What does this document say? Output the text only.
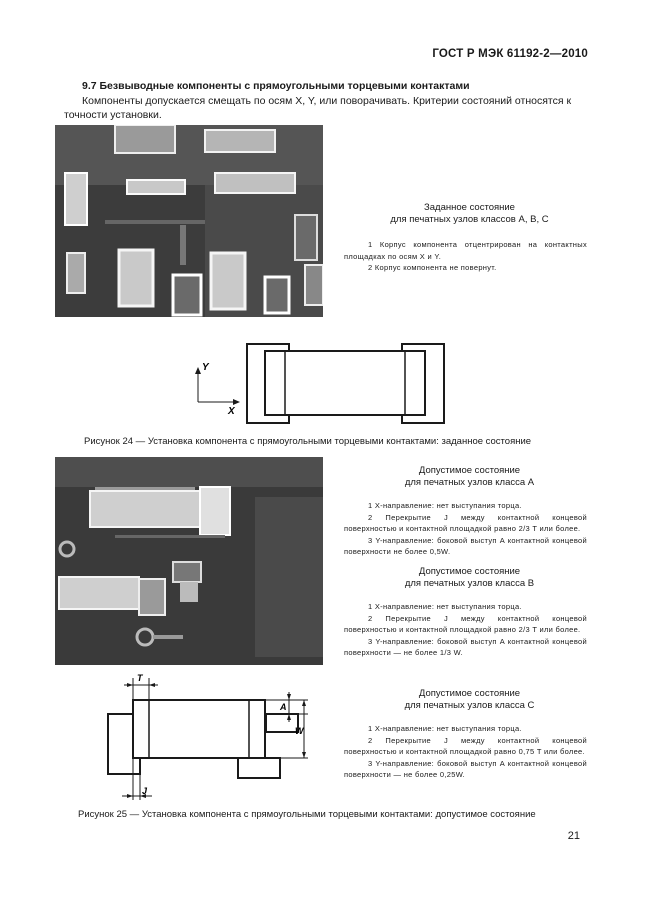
ГОСТ Р МЭК 61192-2—2010
9.7 Безвыводные компоненты с прямоугольными торцевыми контактами
Компоненты допускается смещать по осям X, Y, или поворачивать. Критерии состояний относятся к точности установки.
Заданное состояние
для печатных узлов классов А, В, С

1 Корпус компонента отцентрирован на контактных площадках по осям X и Y.

2 Корпус компонента не повернут.

Y
X
Рисунок 24 — Установка компонента с прямоугольными торцевыми контактами: заданное состояние
Допустимое состояние
для печатных узлов класса А

1 X-направление: нет выступания торца.

2 Перекрытие J между контактной концевой поверхностью и контактной площадкой равно 2/3 T или более.

3 Y-направление: боковой выступ A контактной концевой поверхности не более 0,5W.

Допустимое состояние
для печатных узлов класса В

1 X-направление: нет выступания торца.

2 Перекрытие J между контактной концевой поверхностью и контактной площадкой равно 2/3 T или более.

3 Y-направление: боковой выступ A контактной концевой поверхности — не более 1/3 W.

T
J
A
W
Допустимое состояние
для печатных узлов класса С

1 X-направление: нет выступания торца.

2 Перекрытие J между контактной концевой поверхностью и контактной площадкой равно 0,75 T или более.

3 Y-направление: боковой выступ A контактной концевой поверхности — не более 0,25W.

Рисунок 25 — Установка компонента с прямоугольными торцевыми контактами: допустимое состояние
21
